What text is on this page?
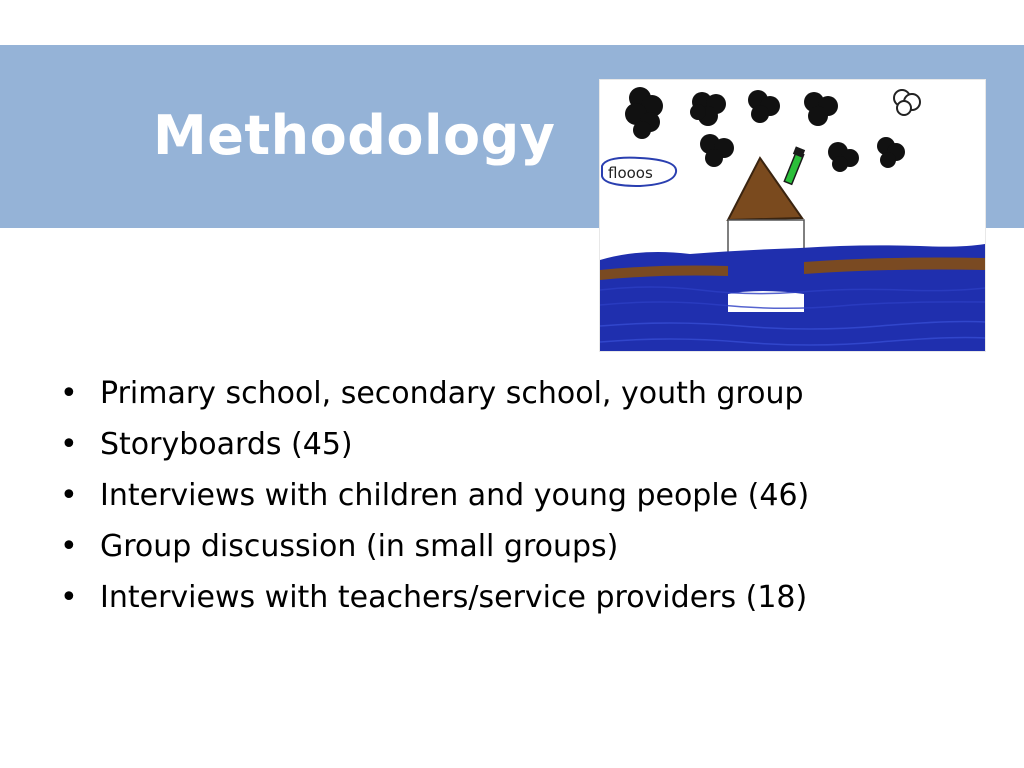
Methodology
flooos
• Primary school, secondary school, youth group
• Storyboards (45)
• Interviews with children and young people (46)
• Group discussion (in small groups)
• Interviews with teachers/service providers (18)
